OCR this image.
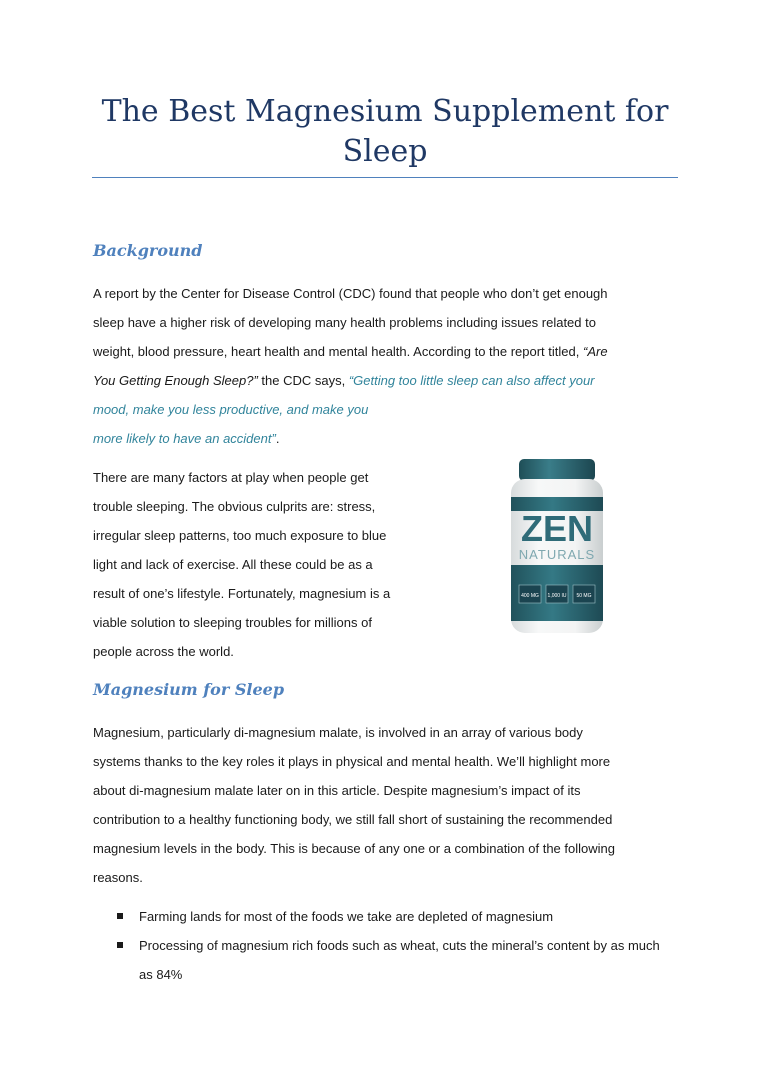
The Best Magnesium Supplement for Sleep
Background
A report by the Center for Disease Control (CDC) found that people who don’t get enough
sleep have a higher risk of developing many health problems including issues related to
weight, blood pressure, heart health and mental health. According to the report titled, “Are
You Getting Enough Sleep?” the CDC says, “Getting too little sleep can also affect your
mood, make you less productive, and make you
more likely to have an accident”.
There are many factors at play when people get
trouble sleeping. The obvious culprits are: stress,
irregular sleep patterns, too much exposure to blue
light and lack of exercise. All these could be as a
result of one’s lifestyle. Fortunately, magnesium is a
viable solution to sleeping troubles for millions of
people across the world.
ZEN
NATURALS
400 MG 1,000 IU 50 MG
Magnesium for Sleep
Magnesium, particularly di-magnesium malate, is involved in an array of various body
systems thanks to the key roles it plays in physical and mental health. We’ll highlight more
about di-magnesium malate later on in this article. Despite magnesium’s impact of its
contribution to a healthy functioning body, we still fall short of sustaining the recommended
magnesium levels in the body. This is because of any one or a combination of the following
reasons.
Farming lands for most of the foods we take are depleted of magnesium
Processing of magnesium rich foods such as wheat, cuts the mineral’s content by as much as 84%
